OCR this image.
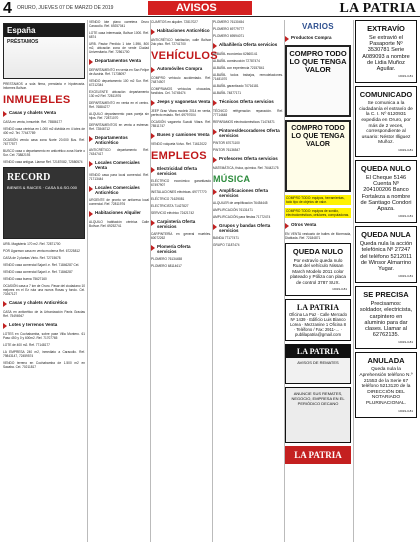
4 ORURO, JUEVES 07 DE MARZO DE 2019	AVISOS	LA PATRIA
España
PRÉSTAMOS
PRESTAMOS a sola firma, prendaria e hipotecaria. Informes Bolivar.
INMUEBLES
Casas y chalets Venta
CASA en venta, inmueble. Ref. 75586177
VENDO casa céntrica en 1.000 m2 dividida en 4 lotes de 400 m2. Tel. 77447789
OCASIÓN vendo casa zona Norte 20.000 $us. Ref. 76777577
BUSCO casa o departamento en anticrético zona Norte o Sur. Cel: 73882193
VENDO casa antigua. Llamar Ref. 72187082, 72580574
RECORD
BIENES & RAICES · CASA 5.6.SO.000
URB. Magisterio 170 m2. Ref. 72871700
POR Ugarmon casa en venta moderna Ref. 67225812
CASA de 2 plantas Vinto. Ref. 72715678
VENDO casa comercial Sajari I.e. Ref. 71846287 Cel.
VENDO casa comercial Sajari I.e. Ref. 71846287
VENDO casa buena 75627160
OCASIÓN casa a 7 km de Oruro. Pasar del ciudadano 10 mejores en el Ez ruta una nueva Rosas y fondo. Cel. 70267127
Casas y chalets Anticrético
CASA en anticrético de la Urbanización Panis Gracias Ref. 75496947
Lotes y terrenos Venta
LOTES en Cochabamba, sobre pase Villa Montero. 61 Paso 450 y 0 y 600m2. Ref. 71707765
LOTE de 400 m2. Ref. 77148177
LA EMPRESA 240 m2, inmediato a Caracollo. Ref. 79843147, 72459574
VENDO terreno en Cochabamba de 1.500 m2 en Sacaba. Cel. 70211817
VENDO lote plano carretera Oruro Caracollo. Ref. 69257041
LOTE casa interesada, Bolivar 1000. Ref. 6874
URB. Pastor Perdido 1 lote 1.596, 800 m2, ubicación zona de verde Ciudad Universitaria. Ref. 72561700
Departamentos Venta
DEPARTAMENTO en venta en San Felipe de Austria. Ref. 71738097
VENDO departamento 100 m2 Sur. Ref. 67212344
EXCELENTE ubicación departamento 130 m2 Ref. 72811976
DEPARTAMENTO en venta en el centro. Ref. 76884277
ALQUILO departamento para pareja sin hijos. Ref. 72871070
DEPARTAMENTOS en venta a estrenar. Ref. 72846712
Departamentos Anticrético
ANTICRÉTICO departamento Ref. 74347417
Locales Comerciales Venta
VENDO casa para local comercial. Ref. 71713444
Locales Comerciales Anticrético
URGENTE de pronto se anticresa local comercial. Ref. 72811976
Habitaciones Alquiler
ALQUILO habitación céntrica Calle Bolívar. Ref. 69252741
CUARTOS en alquiler. 72817027
Habitaciones Anticrético
ANTICRÉTICO habitación, calle Bolivar 2do piso. Ref. 72741700
VEHÍCULOS
Automóviles Compra
COMPRO vehículo accidentado. Ref. 74874507
COMPRAMOS vehículos chocados, fundidos. Cel. 74745474
Jeeps y vagonetas Venta
JEEP Gran Vitara modelo 2014 en venta, perfecto estado. Ref. 69797004
OCASIÓN vagoneta Suzuki Vitara. Ref. 78511747
Buses y camiones Venta
VENDO volqueta Volvo. Ref. 71612022
EMPLEOS
Electricidad Oferta servicios
ELÉCTRICO económico garantizado 67497907
INSTALACIONES eléctricas. 69777770
ELÉCTRICO 71629081
ELECTRICISTA 71427827
SERVICIO eléctrico 72421742
Carpintería Oferta servicios
CARPINTERÍA en general muebles. 60072262
Plomería Oferta servicios
PLOMERO 76134458
PLOMERO 68114617
PLOMERO 76130454
PLOMERO 69779777
PLOMERO 69594071
Albañilería Oferta servicios
ALBAÑIL económico 62660141
ALBAÑIL construcción 72787474
ALBAÑIL con experiencia 72157841
ALBAÑIL todos trabajos, remodelaciones. 71481070
ALBAÑIL garantizado 70716181
ALBAÑIL 74877171
Técnicos Oferta servicios
TÉCNICO refrigeración reparación. Ref. 77714648
REPARAMOS electrodomésticos 71474871
Pintores/decoradores Oferta servicios
PINTOR 67071100
PINTOR 76136547
Profesores Oferta servicios
MATEMÁTICA, física, química. Ref. 76442175
MÚSICA
Amplificaciones Oferta servicios
ALQUILER de amplificación 76454445
AMPLIFICACIÓN 76131471
AMPLIFICACIÓN para fiestas 71772474
Grupos y bandas Oferta servicios
BANDA 77177471
GRUPO 71187474
VARIOS
Productos Compra
COMPRO TODO LO QUE TENGA VALOR
COMPRO TODO LO QUE TENGA VALOR
COMPRO TODO: equipos, herramientas, todo tipo de objetos de valor.
COMPRO TODO: equipos de sonido, electrodomésticos, celulares, computadoras.
Otros Venta
EN VENTA vestuario de bailes de Morenada, Diablada. Ref. 72184871
QUEDA NULO
Por extravío queda nulo Ruat del vehículo Nissan March Modelo 2011 color plateado y Póliza con placa de control 3787 SUX.
I2019-3-81
LA PATRIA
Oficina La Paz · Calle Mercado Nº 1439 · Edificio Luis Blanco Lorea · Mezzanine 1 Oficina 8 · Teléfono / Fax: 2911-… · publilapatria@gmail.com
LA PATRIA
AVISOS DE REMATES
ANUNCIE SUS REMATES, NEGOCIO, EMPRESA EN EL PERIÓDICO DECANO
LA PATRIA
EXTRAVÍO
Se extravió el Pasaporte Nº 3530781 Serie A089093 a nombre de Lidia Muñoz Aguilar.
I2019-3-81
COMUNICADO
Se comunica a la ciudadanía el extravío de la C. I. Nº 6120931 expedida en Oruro, por más de 2 veces, correspondiente al usuario: Néstor Illiguez Muñoz.
I2019-3-81
QUEDA NULO
El Cheque 5146 Cuenta Nº 204100206 Banco Fortaleza a nombre de Santiago Condori Apaza.
I2019-3-81
QUEDA NULA
Queda nula la acción telefónica Nº 27247 del teléfono 5212011 de Winsor Almarrino Yugar.
I2019-3-81
SE PRECISA
Precisamos: soldador, electricista, carpintero en aluminio para dar clases. Llamar al 62762135.
I2019-3-81
ANULADA
Queda nula la Aprehensión teléfono N.º 21553 de la Serie 67 teléfono 5213120 de la DIRECCIÓN DEL NOTARIADO PLURINACIONAL.
I2019-3-81
